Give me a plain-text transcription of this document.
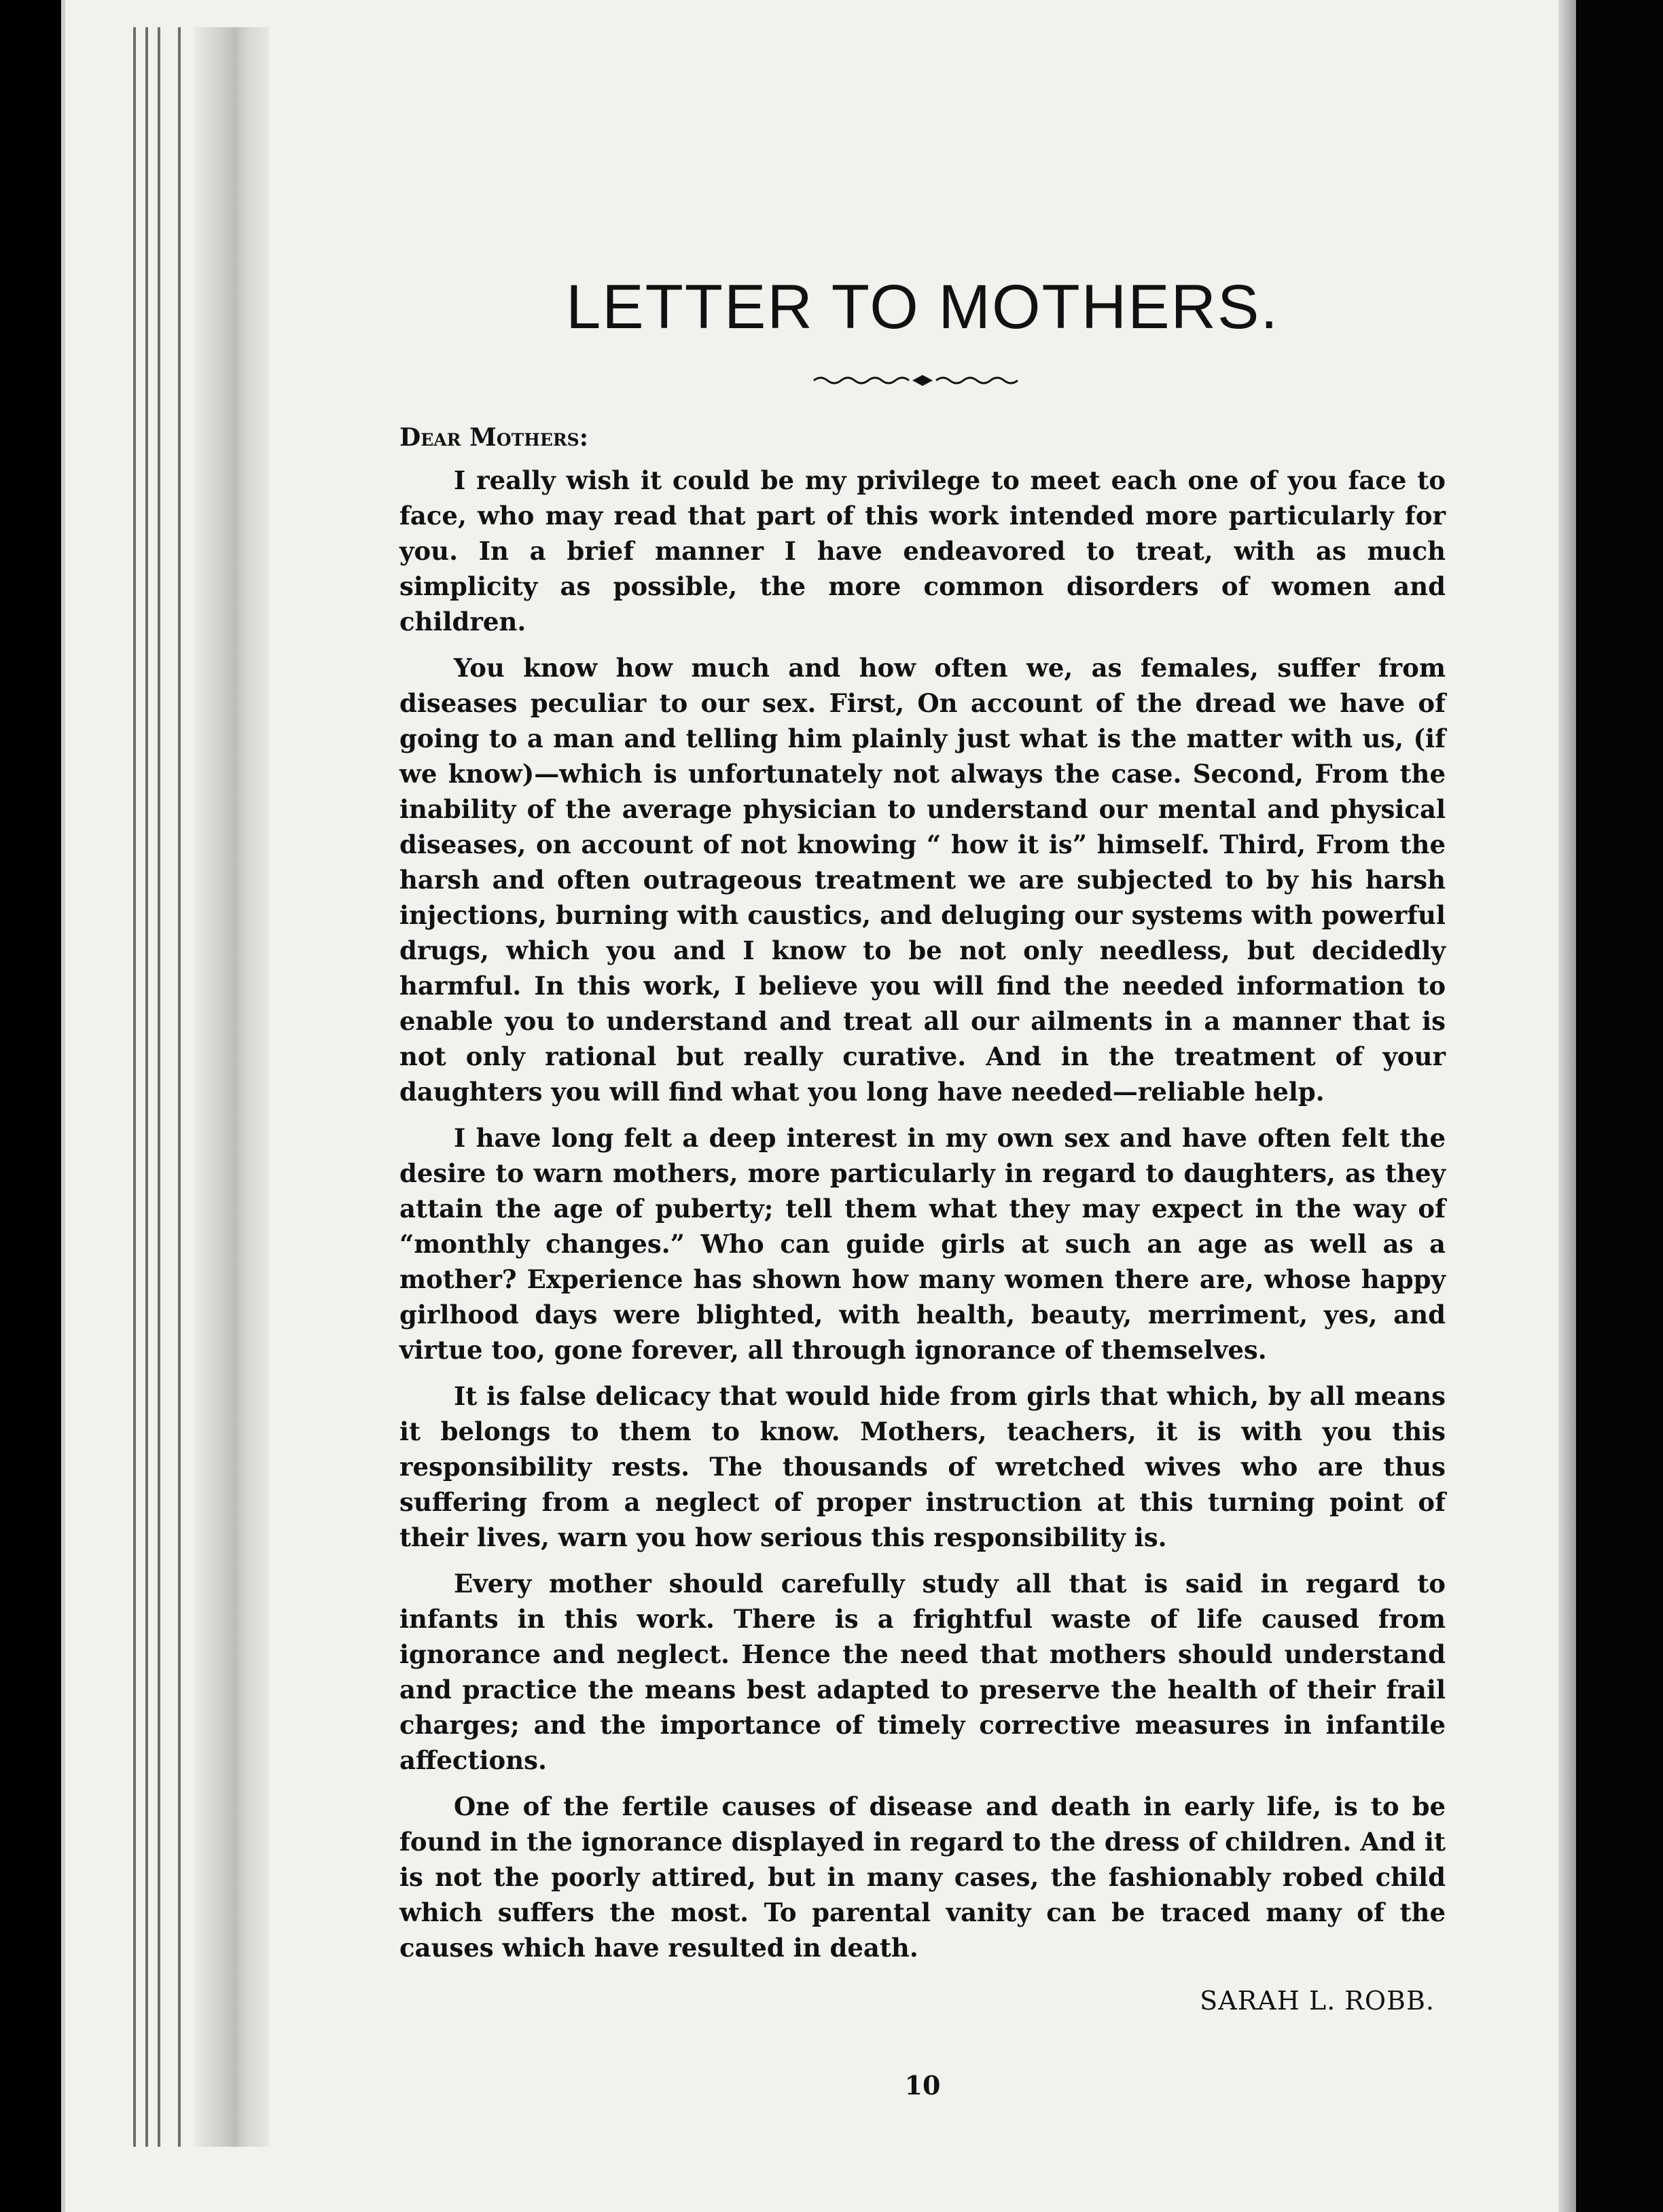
LETTER TO MOTHERS.

Dear Mothers:

I really wish it could be my privilege to meet each one of you face to face, who may read that part of this work intended more particularly for you. In a brief manner I have endeavored to treat, with as much simplicity as possible, the more common disorders of women and children.

You know how much and how often we, as females, suffer from diseases peculiar to our sex. First, On account of the dread we have of going to a man and telling him plainly just what is the matter with us, (if we know)—which is unfortunately not always the case. Second, From the inability of the average physician to understand our mental and physical diseases, on account of not knowing “ how it is” himself. Third, From the harsh and often outrageous treatment we are subjected to by his harsh injections, burning with caustics, and deluging our systems with powerful drugs, which you and I know to be not only needless, but decidedly harmful. In this work, I believe you will find the needed information to enable you to understand and treat all our ailments in a manner that is not only rational but really curative. And in the treatment of your daughters you will find what you long have needed—reliable help.

I have long felt a deep interest in my own sex and have often felt the desire to warn mothers, more particularly in regard to daughters, as they attain the age of puberty; tell them what they may expect in the way of “monthly changes.” Who can guide girls at such an age as well as a mother? Experience has shown how many women there are, whose happy girlhood days were blighted, with health, beauty, merriment, yes, and virtue too, gone forever, all through ignorance of themselves.

It is false delicacy that would hide from girls that which, by all means it belongs to them to know. Mothers, teachers, it is with you this responsibility rests. The thousands of wretched wives who are thus suffering from a neglect of proper instruction at this turning point of their lives, warn you how serious this responsibility is.

Every mother should carefully study all that is said in regard to infants in this work. There is a frightful waste of life caused from ignorance and neglect. Hence the need that mothers should understand and practice the means best adapted to preserve the health of their frail charges; and the importance of timely corrective measures in infantile affections.

One of the fertile causes of disease and death in early life, is to be found in the ignorance displayed in regard to the dress of children. And it is not the poorly attired, but in many cases, the fashionably robed child which suffers the most. To parental vanity can be traced many of the causes which have resulted in death.

SARAH L. ROBB.

10
